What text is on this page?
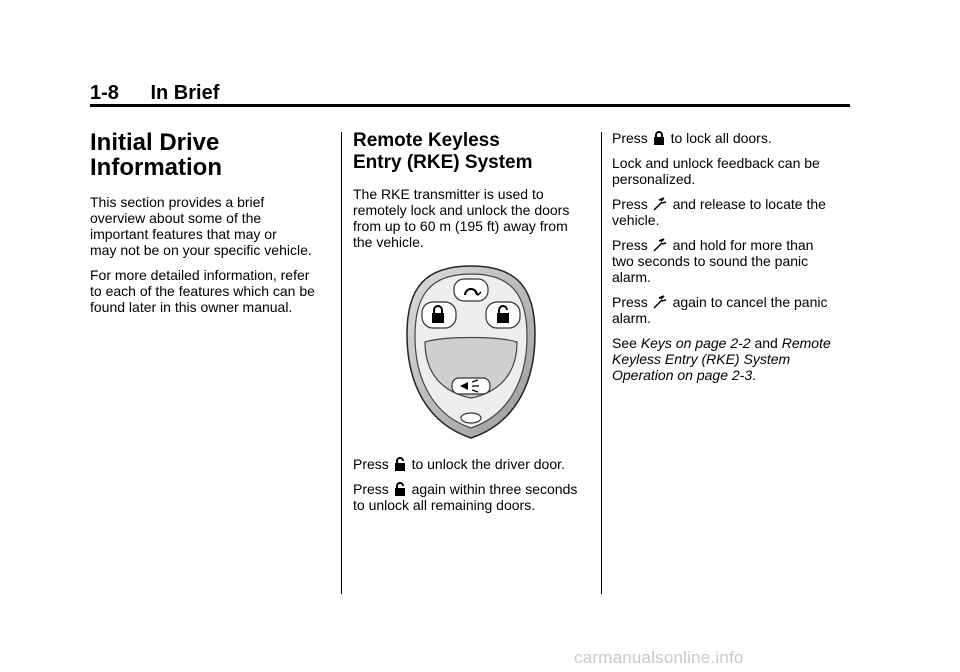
1-8 In Brief
Initial Drive
Information

This section provides a brief
overview about some of the
important features that may or
may not be on your specific vehicle.

For more detailed information, refer
to each of the features which can be
found later in this owner manual.

Remote Keyless
Entry (RKE) System

The RKE transmitter is used to
remotely lock and unlock the doors
from up to 60 m (195 ft) away from
the vehicle.

Press to unlock the driver door.

Press again within three seconds
to unlock all remaining doors.

Press to lock all doors.

Lock and unlock feedback can be
personalized.

Press and release to locate the
vehicle.

Press and hold for more than
two seconds to sound the panic
alarm.

Press again to cancel the panic
alarm.

See Keys on page 2-2 and Remote
Keyless Entry (RKE) System
Operation on page 2-3.

carmanualsonline.info
